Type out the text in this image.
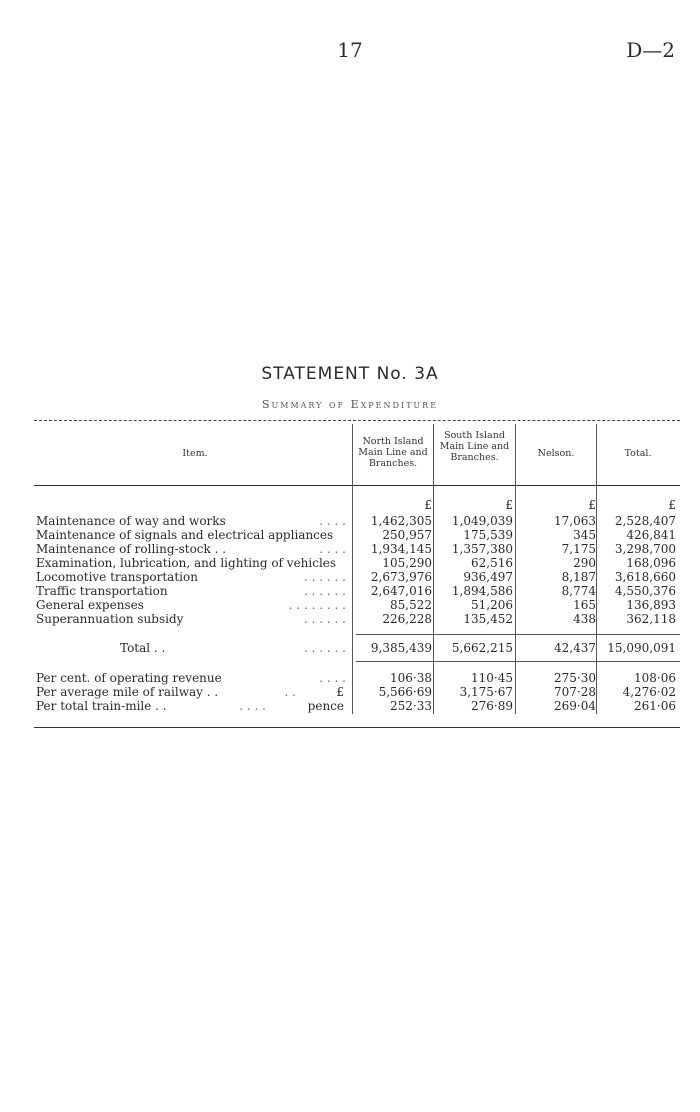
17	D—2
STATEMENT No. 3A
Summary of Expenditure
Item.
North Island Main Line and Branches.
South Island Main Line and Branches.	Nelson.	Total.
£	£	£	£
Maintenance of way and works	. . . .	1,462,305	1,049,039	17,063	2,528,407
Maintenance of signals and electrical appliances	250,957	175,539	345	426,841
Maintenance of rolling-stock . .	. . . .	1,934,145	1,357,380	7,175	3,298,700
Examination, lubrication, and lighting of vehicles	105,290	62,516	290	168,096
Locomotive transportation	. . . . . .	2,673,976	936,497	8,187	3,618,660
Traffic transportation	. . . . . .	2,647,016	1,894,586	8,774	4,550,376
General expenses	. . . . . . . .	85,522	51,206	165	136,893
Superannuation subsidy	. . . . . .	226,228	135,452	438	362,118
Total . .	. . . . . .	9,385,439	5,662,215	42,437 15,090,091
Per cent. of operating revenue	. . . .	106·38	110·45	275·30	108·06
Per average mile of railway . .	. .	£	5,566·69	3,175·67	707·28	4,276·02
Per total train-mile . .	. . . .	pence	252·33	276·89	269·04	261·06
